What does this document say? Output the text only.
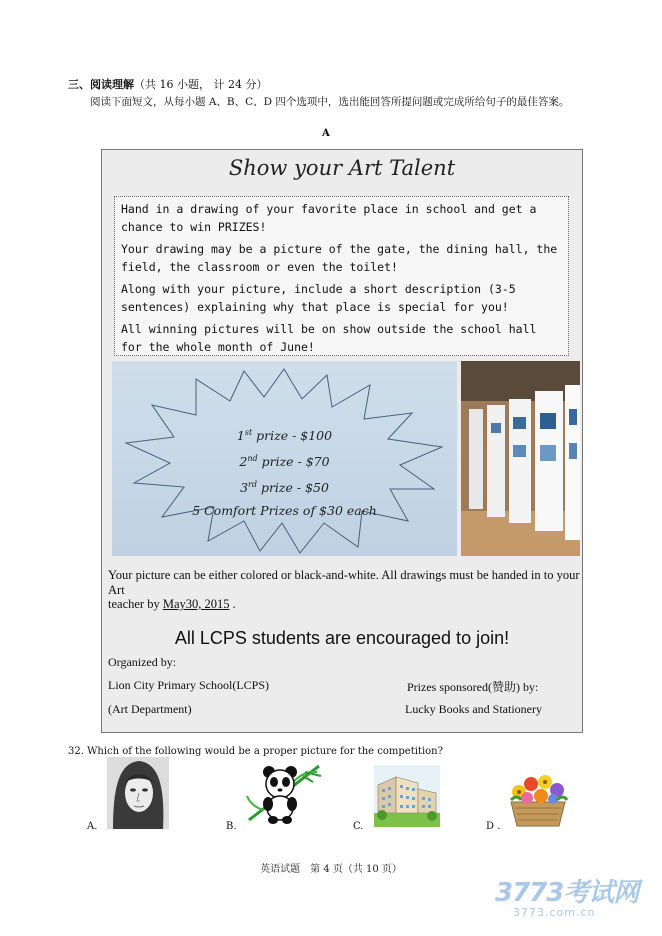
三、阅读理解（共 16 小题， 计 24 分）
阅读下面短文，从每小题 A、B、C、D 四个选项中，选出能回答所提问题或完成所给句子的最佳答案。
A
Show your Art Talent

Hand in a drawing of your favorite place in school and get a chance to win PRIZES!

Your drawing may be a picture of the gate, the dining hall, the field, the classroom or even the toilet!

Along with your picture, include a short description (3-5 sentences) explaining why that place is special for you!

All winning pictures will be on show outside the school hall for the whole month of June!

1st prize - $100
2nd prize - $70
3rd prize - $50
5 Comfort Prizes of $30 each
Your picture can be either colored or black-and-white. All drawings must be handed in to your Art
teacher by May30, 2015 .
All LCPS students are encouraged to join!
Organized by:
Lion City Primary School(LCPS)
(Art Department)
Prizes sponsored(赞助) by:
Lucky Books and Stationery
32. Which of the following would be a proper picture for the competition?
A.	B.	C.	D .
英语试题　第 4 页（共 10 页）
3773考试网
3773.com.cn
